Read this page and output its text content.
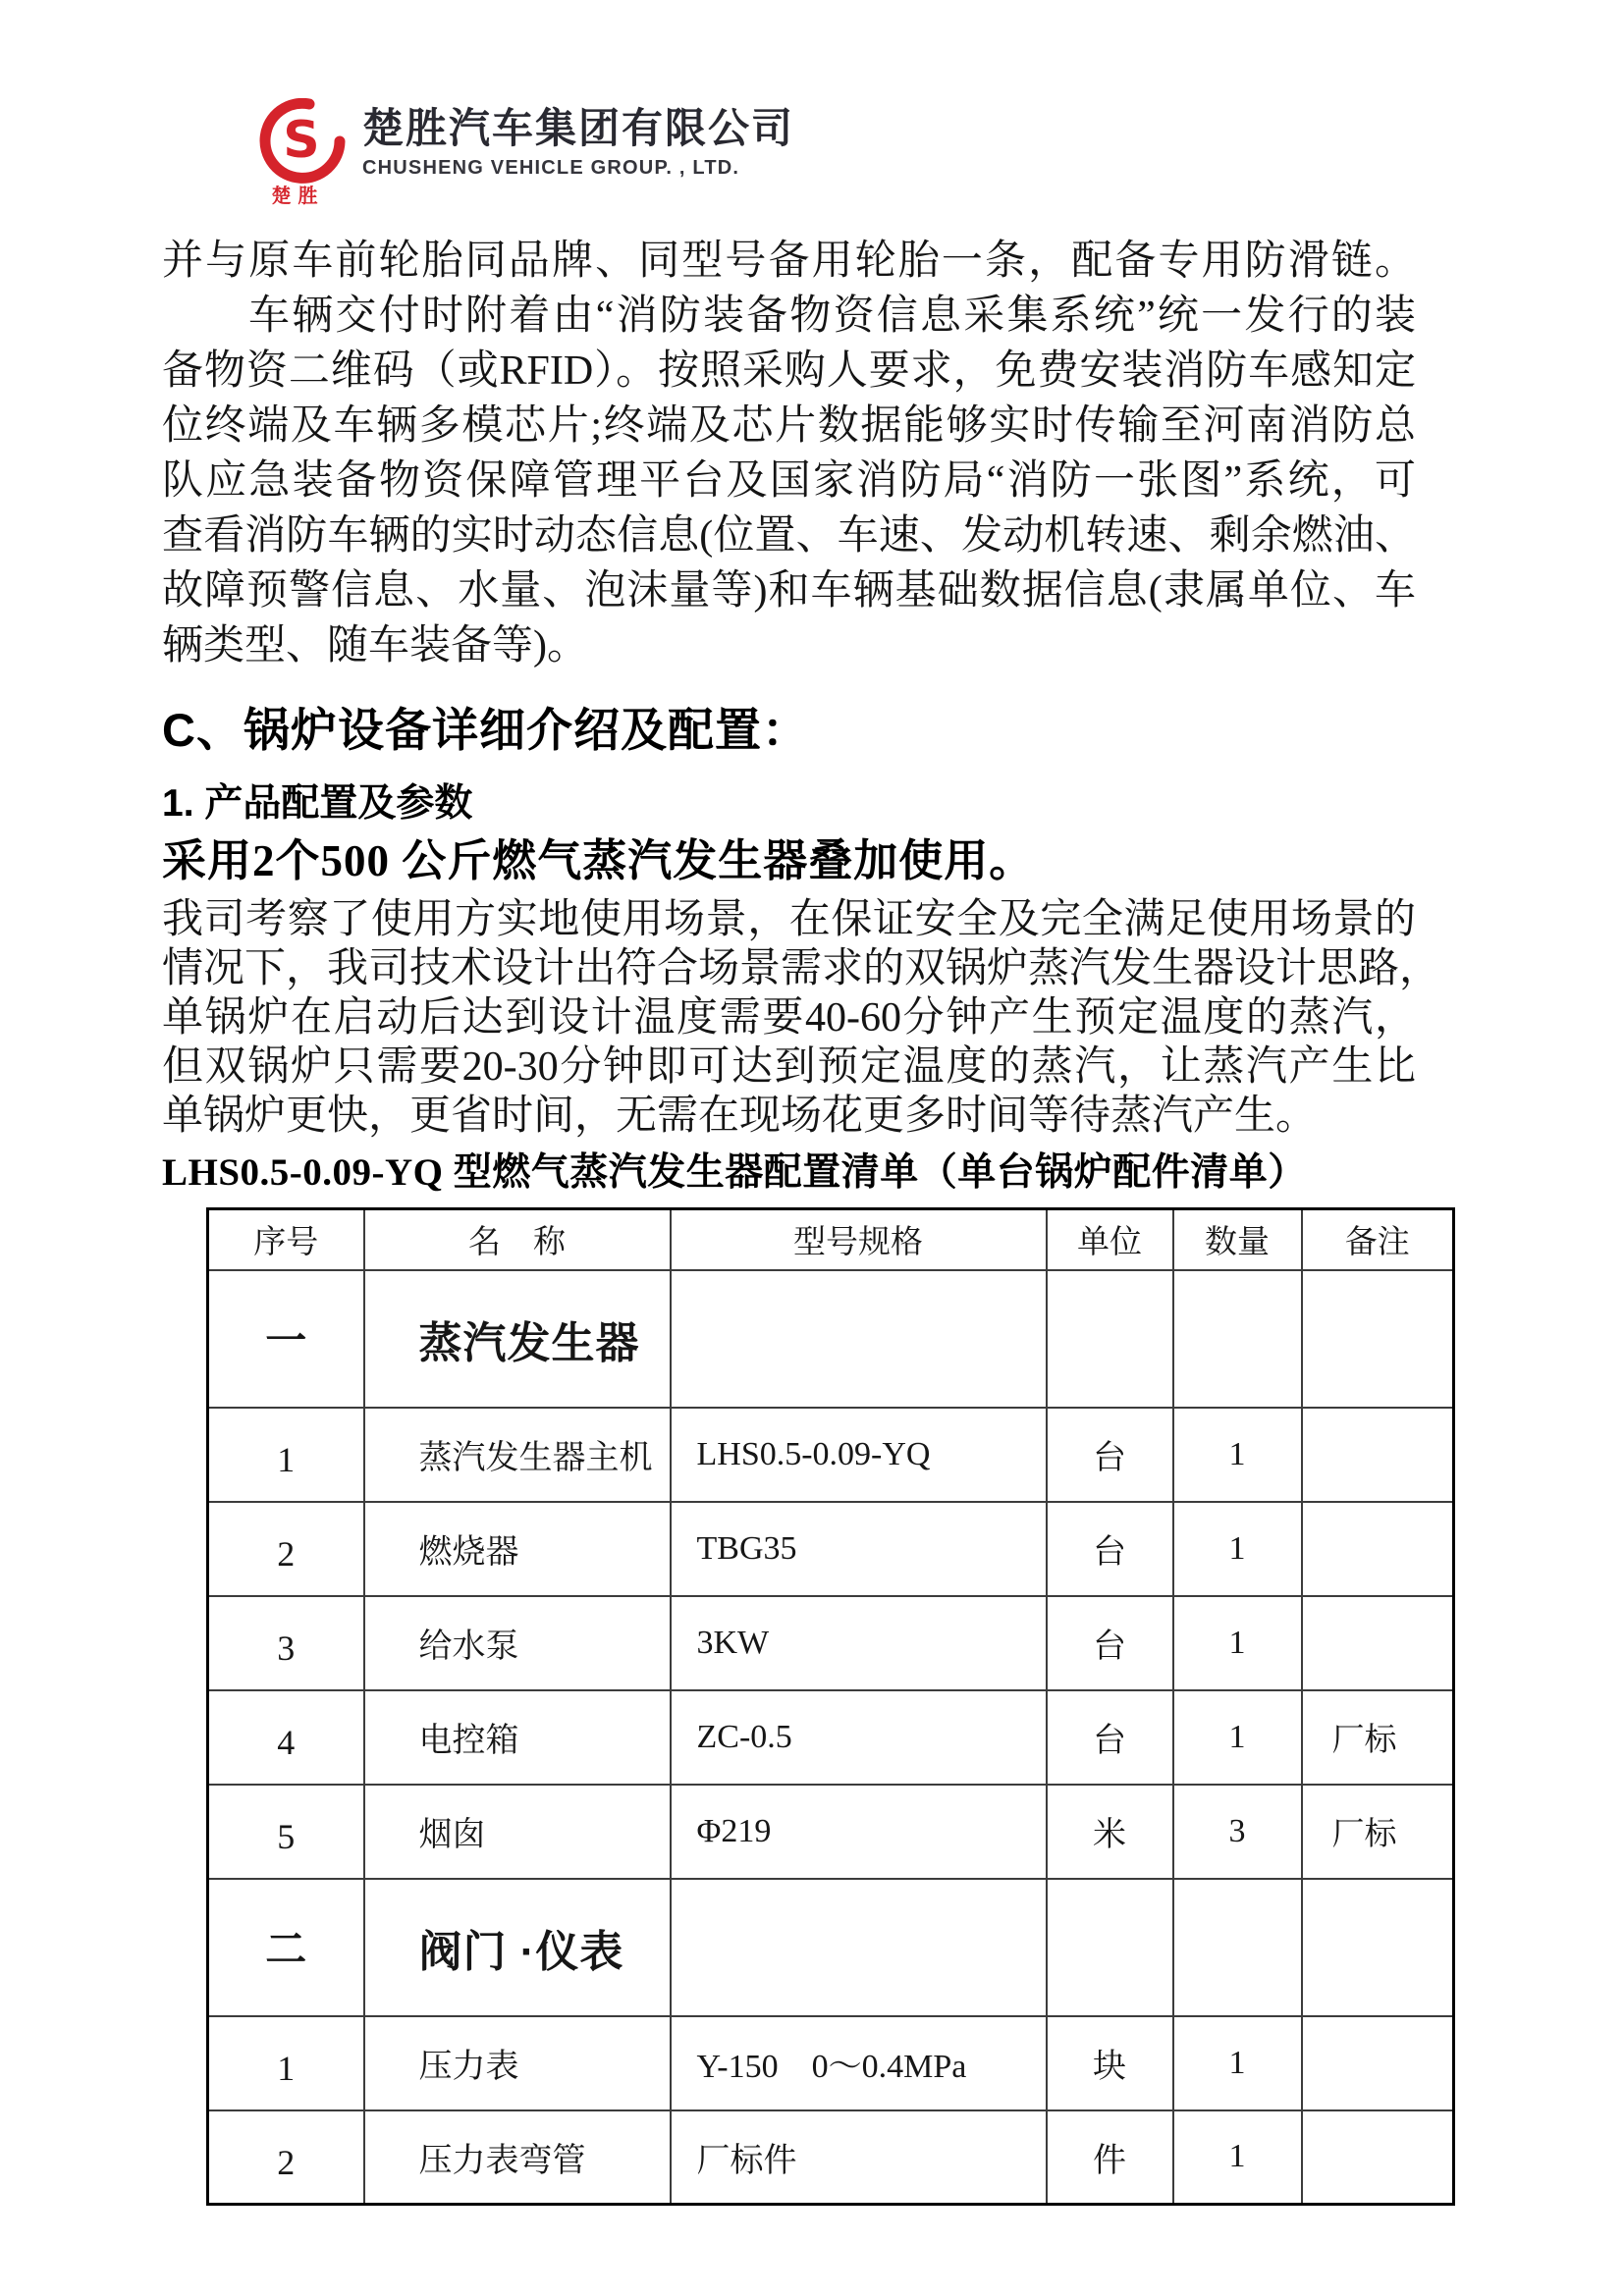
S
楚 胜
楚胜汽车集团有限公司
CHUSHENG VEHICLE GROUP. , LTD.
并与原车前轮胎同品牌、同型号备用轮胎一条，配备专用防滑链。
车辆交付时附着由“消防装备物资信息采集系统”统一发行的装
备物资二维码（或RFID）。按照采购人要求，免费安装消防车感知定
位终端及车辆多模芯片;终端及芯片数据能够实时传输至河南消防总
队应急装备物资保障管理平台及国家消防局“消防一张图”系统，可
查看消防车辆的实时动态信息(位置、车速、发动机转速、剩余燃油、
故障预警信息、水量、泡沫量等)和车辆基础数据信息(隶属单位、车
辆类型、随车装备等)。
C、锅炉设备详细介绍及配置：
1. 产品配置及参数
采用2个500 公斤燃气蒸汽发生器叠加使用。
我司考察了使用方实地使用场景，在保证安全及完全满足使用场景的
情况下，我司技术设计出符合场景需求的双锅炉蒸汽发生器设计思路，
单锅炉在启动后达到设计温度需要40-60分钟产生预定温度的蒸汽，
但双锅炉只需要20-30分钟即可达到预定温度的蒸汽，让蒸汽产生比
单锅炉更快，更省时间，无需在现场花更多时间等待蒸汽产生。
LHS0.5-0.09-YQ 型燃气蒸汽发生器配置清单（单台锅炉配件清单）
序号	名　称	型号规格	单位	数量	备注
一	蒸汽发生器				
1	蒸汽发生器主机	LHS0.5-0.09-YQ	台	1	
2	燃烧器	TBG35	台	1	
3	给水泵	3KW	台	1	
4	电控箱	ZC-0.5	台	1	厂标
5	烟囱	Φ219	米	3	厂标
二	阀门 ·仪表				
1	压力表	Y-150    0～0.4MPa	块	1	
2	压力表弯管	厂标件	件	1	
